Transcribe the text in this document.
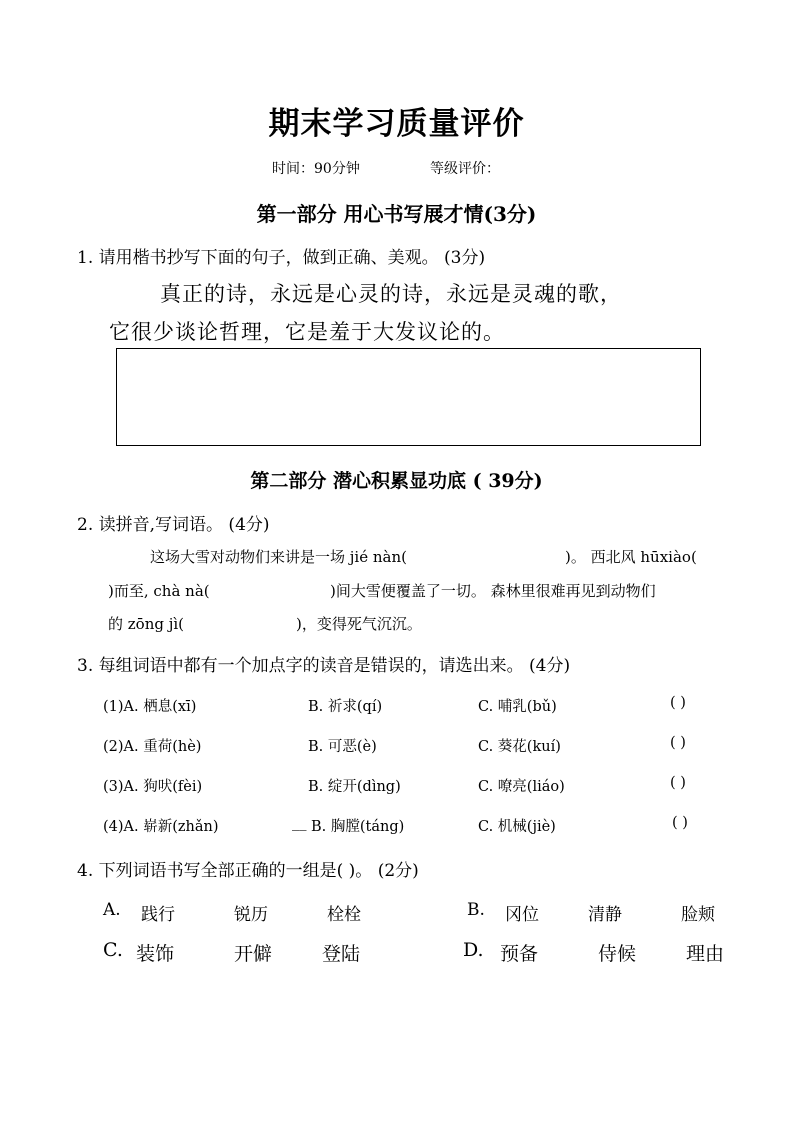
期末学习质量评价
时间：90分钟	等级评价：
第一部分 用心书写展才情(3分)
1. 请用楷书抄写下面的句子，做到正确、美观。 (3分)
真正的诗，永远是心灵的诗，永远是灵魂的歌，
它很少谈论哲理，它是羞于大发议论的。
第二部分 潜心积累显功底 ( 39分)
2. 读拼音,写词语。 (4分)
这场大雪对动物们来讲是一场 jié nàn(	)。 西北风 hūxiào(
)而至, chà nà(	)间大雪便覆盖了一切。 森林里很难再见到动物们
的 zōng jì(	)，变得死气沉沉。
3. 每组词语中都有一个加点字的读音是错误的，请选出来。 (4分)
(1)A. 栖息(xī)	B. 祈求(qí)	C. 哺乳(bǔ)	( )
(2)A. 重荷(hè)	B. 可恶(è)	C. 葵花(kuí)	( )
(3)A. 狗吠(fèi)	B. 绽开(dìng)	C. 嘹亮(liáo)	( )
(4)A. 崭新(zhǎn)	__ B. 胸膛(táng)	C. 机械(jiè)	( )
4. 下列词语书写全部正确的一组是( )。 (2分)
A. 践行	锐历	栓栓	B. 冈位	清静	脸颊
C. 装饰	开僻	登陆	D. 预备	侍候	理由
